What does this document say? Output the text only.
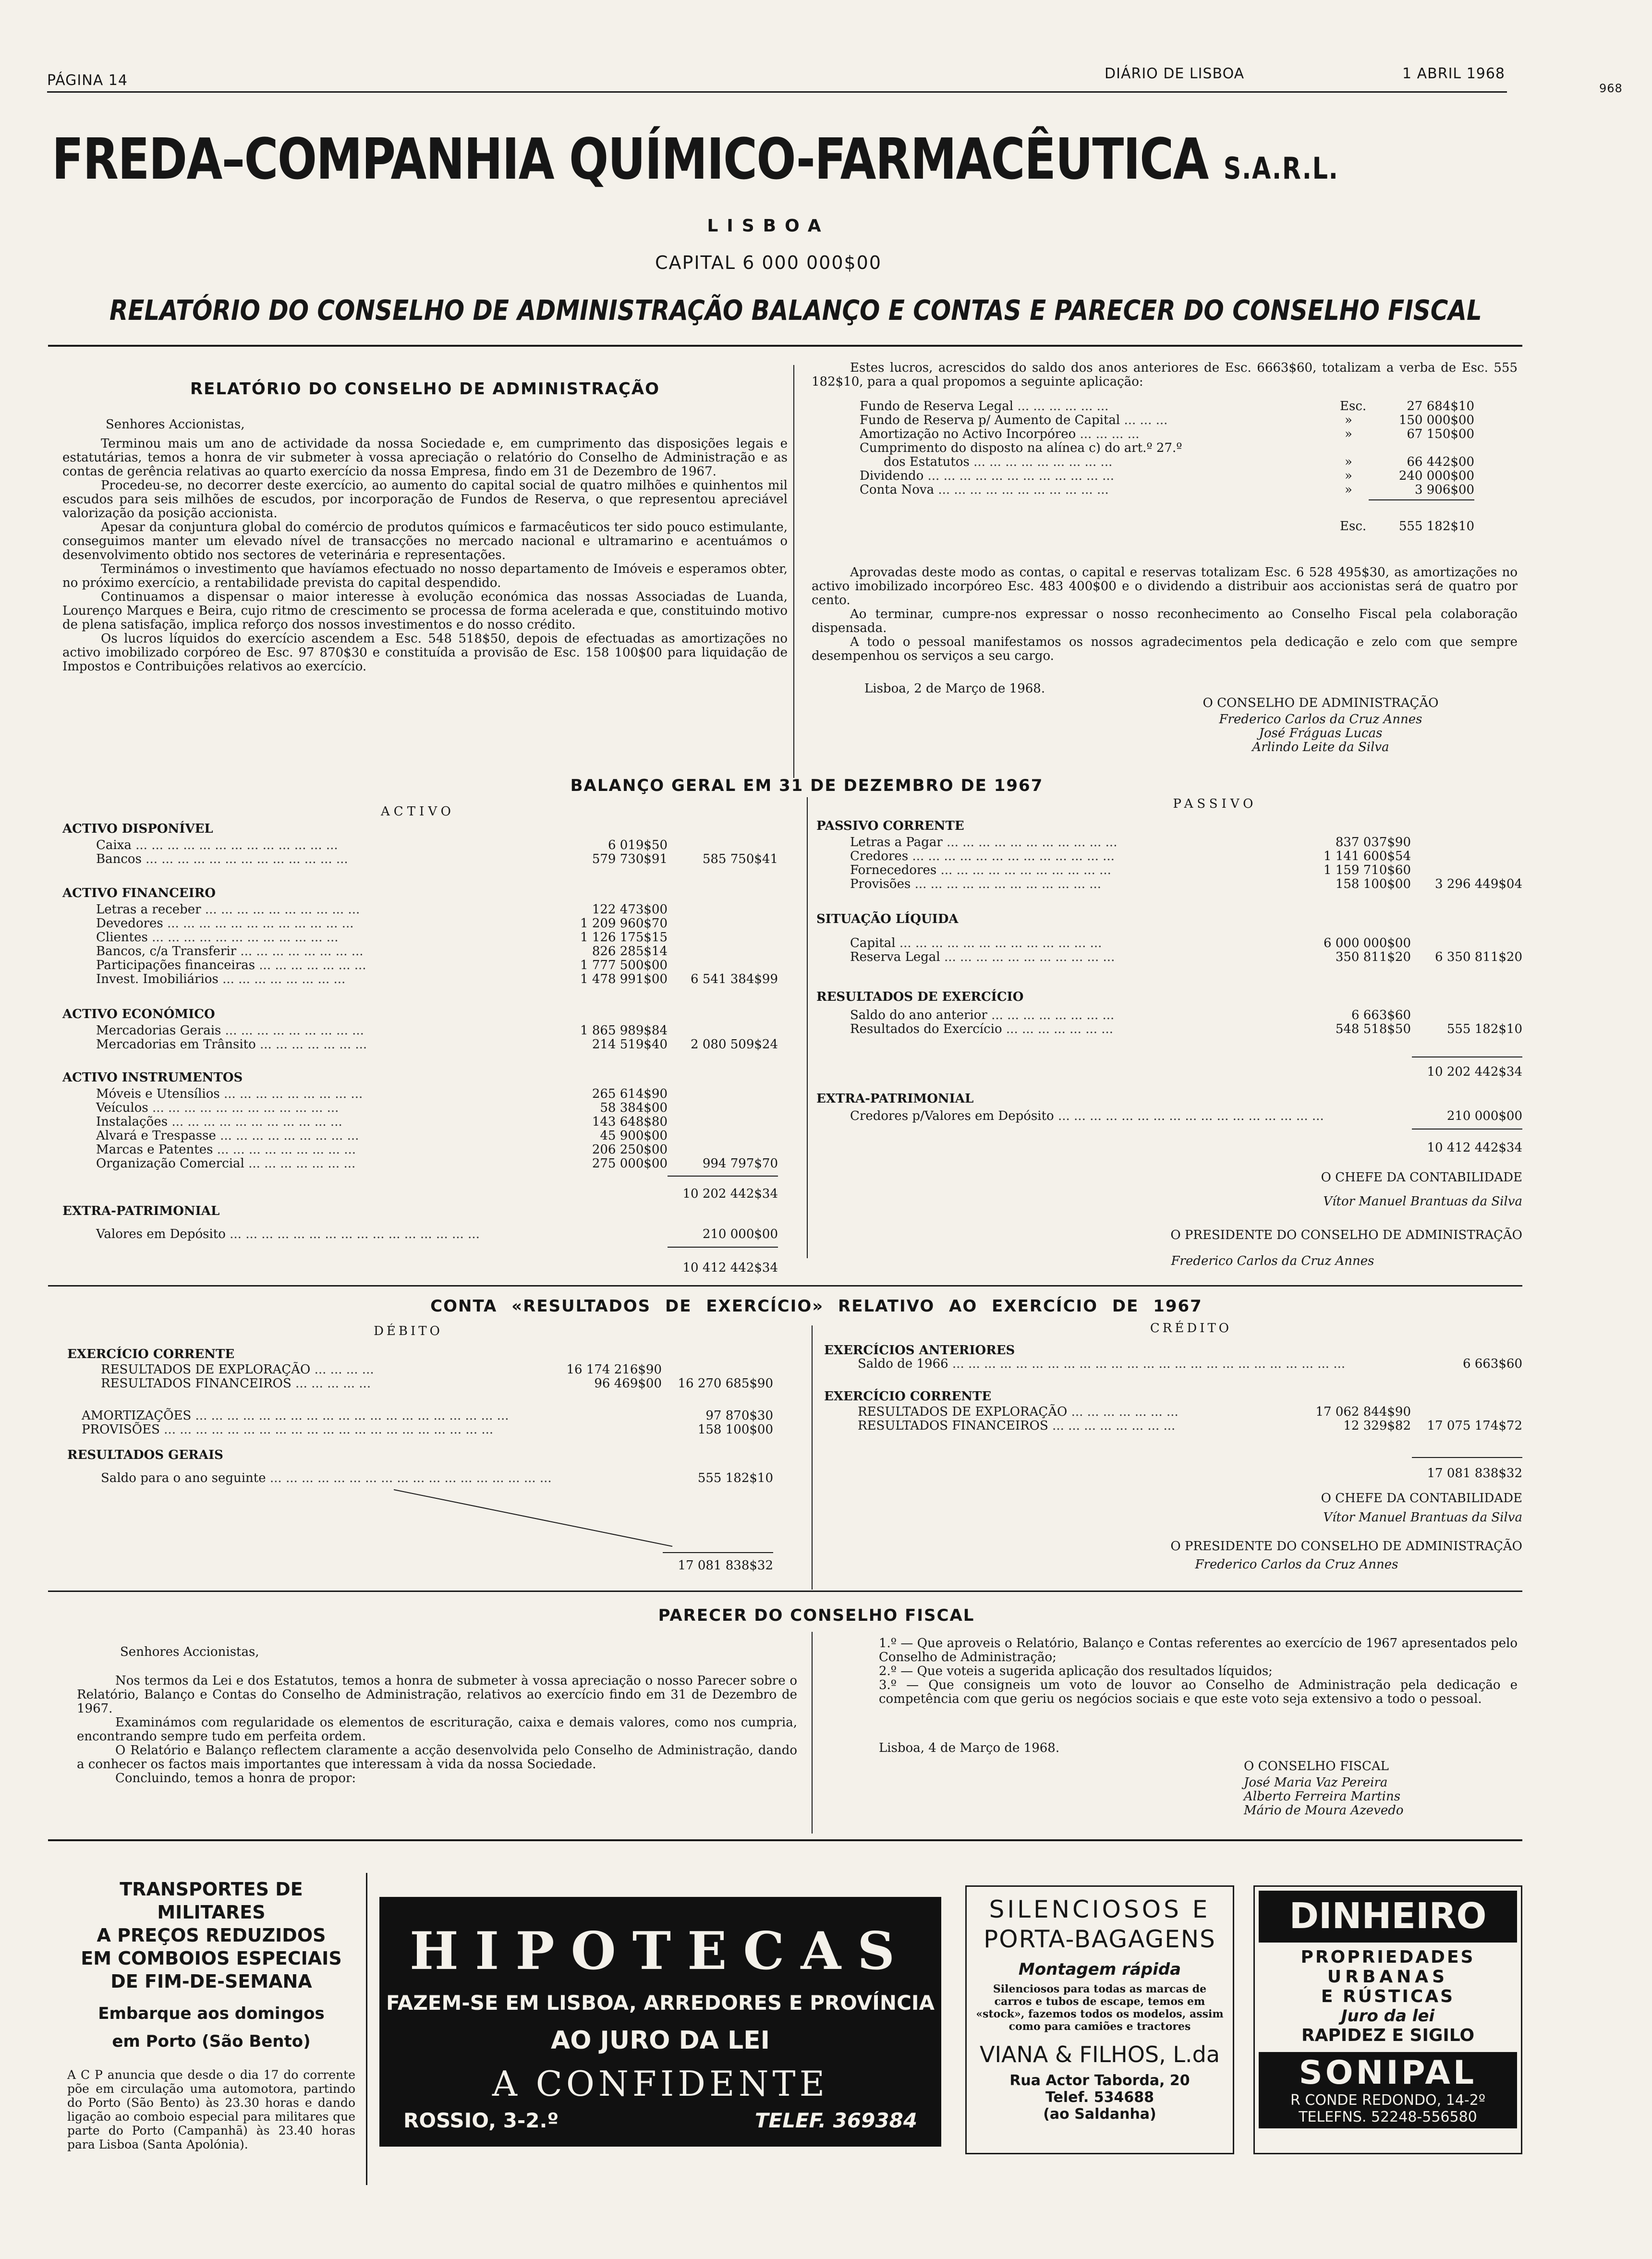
PÁGINA 14	DIÁRIO DE LISBOA	1 ABRIL 1968
968
FREDA–COMPANHIA QUÍMICO-FARMACÊUTICA S.A.R.L.
LISBOA
CAPITAL 6 000 000$00
RELATÓRIO DO CONSELHO DE ADMINISTRAÇÃO BALANÇO E CONTAS E PARECER DO CONSELHO FISCAL
RELATÓRIO DO CONSELHO DE ADMINISTRAÇÃO
Senhores Accionistas,

Terminou mais um ano de actividade da nossa Sociedade e, em cumprimento das disposições legais e estatutárias, temos a honra de vir submeter à vossa apreciação o relatório do Conselho de Administração e as contas de gerência relativas ao quarto exercício da nossa Empresa, findo em 31 de Dezembro de 1967.

Procedeu-se, no decorrer deste exercício, ao aumento do capital social de quatro milhões e quinhentos mil escudos para seis milhões de escudos, por incorporação de Fundos de Reserva, o que representou apreciável valorização da posição accionista.

Apesar da conjuntura global do comércio de produtos químicos e farmacêuticos ter sido pouco estimulante, conseguimos manter um elevado nível de transacções no mercado nacional e ultramarino e acentuámos o desenvolvimento obtido nos sectores de veterinária e representações.

Terminámos o investimento que havíamos efectuado no nosso departamento de Imóveis e esperamos obter, no próximo exercício, a rentabilidade prevista do capital despendido.

Continuamos a dispensar o maior interesse à evolução económica das nossas Associadas de Luanda, Lourenço Marques e Beira, cujo ritmo de crescimento se processa de forma acelerada e que, constituindo motivo de plena satisfação, implica reforço dos nossos investimentos e do nosso crédito.

Os lucros líquidos do exercício ascendem a Esc. 548 518$50, depois de efectuadas as amortizações no activo imobilizado corpóreo de Esc. 97 870$30 e constituída a provisão de Esc. 158 100$00 para liquidação de Impostos e Contribuições relativos ao exercício.

Estes lucros, acrescidos do saldo dos anos anteriores de Esc. 6663$60, totalizam a verba de Esc. 555 182$10, para a qual propomos a seguinte aplicação:

Fundo de Reserva Legal ... ... ... ... ... ...	Esc.	27 684$10
Fundo de Reserva p/ Aumento de Capital ... ... ...	»	150 000$00
Amortização no Activo Incorpóreo ... ... ... ...	»	67 150$00
Cumprimento do disposto na alínea c) do art.º 27.º
dos Estatutos ... ... ... ... ... ... ... ... ...	»	66 442$00
Dividendo ... ... ... ... ... ... ... ... ... ... ... ...	»	240 000$00
Conta Nova ... ... ... ... ... ... ... ... ... ... ...	»	3 906$00
Esc.	555 182$10

Aprovadas deste modo as contas, o capital e reservas totalizam Esc. 6 528 495$30, as amortizações no activo imobilizado incorpóreo Esc. 483 400$00 e o dividendo a distribuir aos accionistas será de quatro por cento.

Ao terminar, cumpre-nos expressar o nosso reconhecimento ao Conselho Fiscal pela colaboração dispensada.

A todo o pessoal manifestamos os nossos agradecimentos pela dedicação e zelo com que sempre desempenhou os serviços a seu cargo.

Lisboa, 2 de Março de 1968.
O CONSELHO DE ADMINISTRAÇÃO
Frederico Carlos da Cruz Annes
José Fráguas Lucas
Arlindo Leite da Silva
BALANÇO GERAL EM 31 DE DEZEMBRO DE 1967
ACTIVO
PASSIVO
ACTIVO DISPONÍVEL
Caixa ... ... ... ... ... ... ... ... ... ... ... ... ...	6 019$50
Bancos ... ... ... ... ... ... ... ... ... ... ... ... ...	579 730$91	585 750$41
ACTIVO FINANCEIRO
Letras a receber ... ... ... ... ... ... ... ... ... ...	122 473$00
Devedores ... ... ... ... ... ... ... ... ... ... ... ...	1 209 960$70
Clientes ... ... ... ... ... ... ... ... ... ... ... ...	1 126 175$15
Bancos, c/a Transferir ... ... ... ... ... ... ... ...	826 285$14
Participações financeiras ... ... ... ... ... ... ...	1 777 500$00
Invest. Imobiliários ... ... ... ... ... ... ... ...	1 478 991$00 6 541 384$99
ACTIVO ECONÓMICO
Mercadorias Gerais ... ... ... ... ... ... ... ... ...	1 865 989$84
Mercadorias em Trânsito ... ... ... ... ... ... ...	214 519$40 2 080 509$24
ACTIVO INSTRUMENTOS
Móveis e Utensílios ... ... ... ... ... ... ... ... ...	265 614$90
Veículos ... ... ... ... ... ... ... ... ... ... ... ...	58 384$00
Instalações ... ... ... ... ... ... ... ... ... ... ...	143 648$80
Alvará e Trespasse ... ... ... ... ... ... ... ... ...	45 900$00
Marcas e Patentes ... ... ... ... ... ... ... ... ...	206 250$00
Organização Comercial ... ... ... ... ... ... ...	275 000$00	994 797$70
10 202 442$34
EXTRA-PATRIMONIAL
Valores em Depósito ... ... ... ... ... ... ... ... ... ... ... ... ... ... ... ...	210 000$00
10 412 442$34
PASSIVO CORRENTE
Letras a Pagar ... ... ... ... ... ... ... ... ... ... ...	837 037$90
Credores ... ... ... ... ... ... ... ... ... ... ... ... ...	1 141 600$54
Fornecedores ... ... ... ... ... ... ... ... ... ... ...	1 159 710$60
Provisões ... ... ... ... ... ... ... ... ... ... ... ...	158 100$00 3 296 449$04
SITUAÇÃO LÍQUIDA
Capital ... ... ... ... ... ... ... ... ... ... ... ... ...	6 000 000$00
Reserva Legal ... ... ... ... ... ... ... ... ... ... ...	350 811$20 6 350 811$20
RESULTADOS DE EXERCÍCIO
Saldo do ano anterior ... ... ... ... ... ... ... ...	6 663$60
Resultados do Exercício ... ... ... ... ... ... ...	548 518$50	555 182$10
10 202 442$34
EXTRA-PATRIMONIAL
Credores p/Valores em Depósito ... ... ... ... ... ... ... ... ... ... ... ... ... ... ... ... ...	210 000$00
10 412 442$34
O CHEFE DA CONTABILIDADE
Vítor Manuel Brantuas da Silva
O PRESIDENTE DO CONSELHO DE ADMINISTRAÇÃO
Frederico Carlos da Cruz Annes
CONTA «RESULTADOS DE EXERCÍCIO» RELATIVO AO EXERCÍCIO DE 1967
DÉBITO	CRÉDITO
EXERCÍCIO CORRENTE
RESULTADOS DE EXPLORAÇÃO ... ... ... ...	16 174 216$90
RESULTADOS FINANCEIROS ... ... ... ... ...	96 469$00 16 270 685$90
AMORTIZAÇÕES ... ... ... ... ... ... ... ... ... ... ... ... ... ... ... ... ... ... ... ...	97 870$30
PROVISÕES ... ... ... ... ... ... ... ... ... ... ... ... ... ... ... ... ... ... ... ... ...	158 100$00
RESULTADOS GERAIS
Saldo para o ano seguinte ... ... ... ... ... ... ... ... ... ... ... ... ... ... ... ... ... ...	555 182$10
17 081 838$32
EXERCÍCIOS ANTERIORES
Saldo de 1966 ... ... ... ... ... ... ... ... ... ... ... ... ... ... ... ... ... ... ... ... ... ... ... ... ...	6 663$60
EXERCÍCIO CORRENTE
RESULTADOS DE EXPLORAÇÃO ... ... ... ... ... ... ...	17 062 844$90
RESULTADOS FINANCEIROS ... ... ... ... ... ... ... ...	12 329$82 17 075 174$72
17 081 838$32
O CHEFE DA CONTABILIDADE
Vítor Manuel Brantuas da Silva
O PRESIDENTE DO CONSELHO DE ADMINISTRAÇÃO
Frederico Carlos da Cruz Annes
PARECER DO CONSELHO FISCAL
Senhores Accionistas,

Nos termos da Lei e dos Estatutos, temos a honra de submeter à vossa apreciação o nosso Parecer sobre o Relatório, Balanço e Contas do Conselho de Administração, relativos ao exercício findo em 31 de Dezembro de 1967.

Examinámos com regularidade os elementos de escrituração, caixa e demais valores, como nos cumpria, encontrando sempre tudo em perfeita ordem.

O Relatório e Balanço reflectem claramente a acção desenvolvida pelo Conselho de Administração, dando a conhecer os factos mais importantes que interessam à vida da nossa Sociedade.

Concluindo, temos a honra de propor:

1.º — Que aproveis o Relatório, Balanço e Contas referentes ao exercício de 1967 apresentados pelo Conselho de Administração;

2.º — Que voteis a sugerida aplicação dos resultados líquidos;

3.º — Que consigneis um voto de louvor ao Conselho de Administração pela dedicação e competência com que geriu os negócios sociais e que este voto seja extensivo a todo o pessoal.

Lisboa, 4 de Março de 1968.
O CONSELHO FISCAL
José Maria Vaz Pereira
Alberto Ferreira Martins
Mário de Moura Azevedo
TRANSPORTES DE MILITARES
A PREÇOS REDUZIDOS
EM COMBOIOS ESPECIAIS
DE FIM-DE-SEMANA
Embarque aos domingos
em Porto (São Bento)
A C P anuncia que desde o dia 17 do corrente põe em circulação uma automotora, partindo do Porto (São Bento) às 23.30 horas e dando ligação ao comboio especial para militares que parte do Porto (Campanhã) às 23.40 horas para Lisboa (Santa Apolónia).
HIPOTECAS
FAZEM-SE EM LISBOA, ARREDORES E PROVÍNCIA
AO JURO DA LEI
A CONFIDENTE
ROSSIO, 3-2.º	TELEF. 369384
SILENCIOSOS E
PORTA-BAGAGENS
Montagem rápida
Silenciosos para todas as marcas de carros e tubos de escape, temos em «stock», fazemos todos os modelos, assim como para camiões e tractores
VIANA & FILHOS, L.da
Rua Actor Taborda, 20
Telef. 534688
(ao Saldanha)
DINHEIRO
PROPRIEDADES
URBANAS
E RÚSTICAS
Juro da lei
RAPIDEZ E SIGILO
SONIPAL
R CONDE REDONDO, 14-2º
TELEFNS. 52248-556580
